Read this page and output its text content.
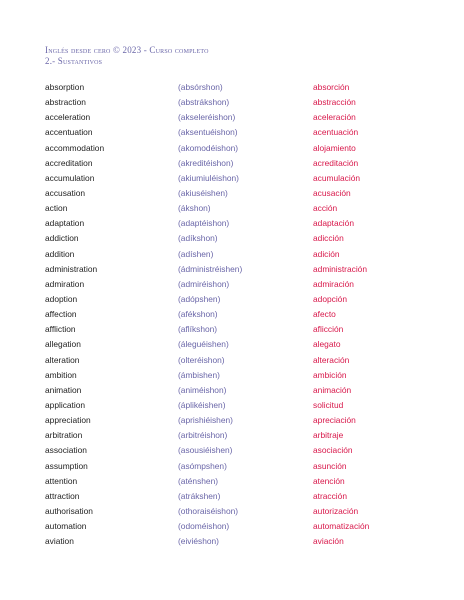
Inglés desde cero © 2023 - Curso completo
2.- Sustantivos
absorption	(absórshon)	absorción
abstraction	(abstrákshon)	abstracción
acceleration	(akseleréishon)	aceleración
accentuation	(aksentuéishon)	acentuación
accommodation	(akomodéishon)	alojamiento
accreditation	(akreditéishon)	acreditación
accumulation	(akiumiuléishon)	acumulación
accusation	(akiuséishen)	acusación
action	(ákshon)	acción
adaptation	(adaptéishon)	adaptación
addiction	(adíkshon)	adicción
addition	(adíshen)	adición
administration	(ádministréishen)	administración
admiration	(admiréishon)	admiración
adoption	(adópshen)	adopción
affection	(afékshon)	afecto
affliction	(aflíkshon)	aflicción
allegation	(áleguéishen)	alegato
alteration	(olteréishon)	alteración
ambition	(ámbishen)	ambición
animation	(animéishon)	animación
application	(áplikéishen)	solicitud
appreciation	(aprishiéishen)	apreciación
arbitration	(arbitréishon)	arbitraje
association	(asousiéishen)	asociación
assumption	(asómpshen)	asunción
attention	(aténshen)	atención
attraction	(atrákshen)	atracción
authorisation	(othoraiséishon)	autorización
automation	(odoméishon)	automatización
aviation	(eiviéshon)	aviación
